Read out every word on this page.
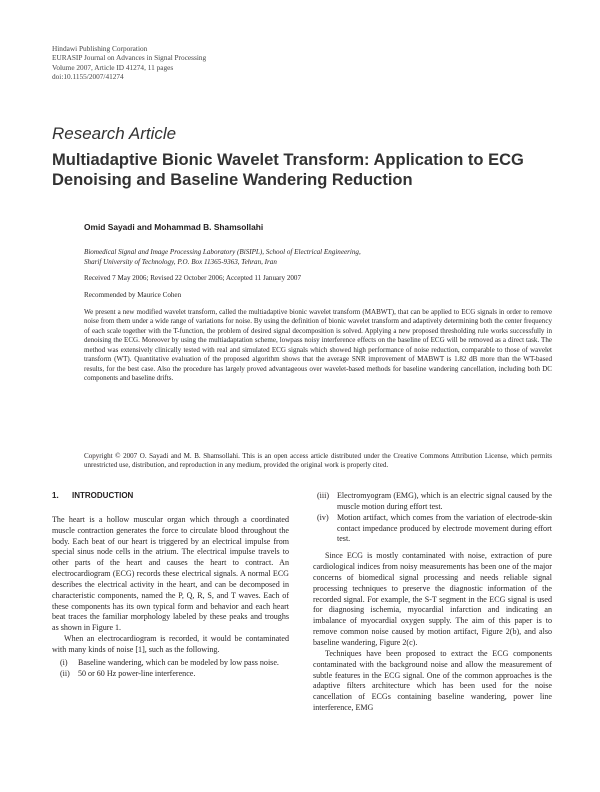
Hindawi Publishing Corporation
EURASIP Journal on Advances in Signal Processing
Volume 2007, Article ID 41274, 11 pages
doi:10.1155/2007/41274
Research Article
Multiadaptive Bionic Wavelet Transform: Application to ECG Denoising and Baseline Wandering Reduction
Omid Sayadi and Mohammad B. Shamsollahi
Biomedical Signal and Image Processing Laboratory (BiSIPL), School of Electrical Engineering,
Sharif University of Technology, P.O. Box 11365-9363, Tehran, Iran
Received 7 May 2006; Revised 22 October 2006; Accepted 11 January 2007
Recommended by Maurice Cohen
We present a new modified wavelet transform, called the multiadaptive bionic wavelet transform (MABWT), that can be applied to ECG signals in order to remove noise from them under a wide range of variations for noise. By using the definition of bionic wavelet transform and adaptively determining both the center frequency of each scale together with the T-function, the problem of desired signal decomposition is solved. Applying a new proposed thresholding rule works successfully in denoising the ECG. Moreover by using the multiadaptation scheme, lowpass noisy interference effects on the baseline of ECG will be removed as a direct task. The method was extensively clinically tested with real and simulated ECG signals which showed high performance of noise reduction, comparable to those of wavelet transform (WT). Quantitative evaluation of the proposed algorithm shows that the average SNR improvement of MABWT is 1.82 dB more than the WT-based results, for the best case. Also the procedure has largely proved advantageous over wavelet-based methods for baseline wandering cancellation, including both DC components and baseline drifts.
Copyright © 2007 O. Sayadi and M. B. Shamsollahi. This is an open access article distributed under the Creative Commons Attribution License, which permits unrestricted use, distribution, and reproduction in any medium, provided the original work is properly cited.
1. INTRODUCTION

The heart is a hollow muscular organ which through a coordinated muscle contraction generates the force to circulate blood throughout the body. Each beat of our heart is triggered by an electrical impulse from special sinus node cells in the atrium. The electrical impulse travels to other parts of the heart and causes the heart to contract. An electrocardiogram (ECG) records these electrical signals. A normal ECG describes the electrical activity in the heart, and can be decomposed in characteristic components, named the P, Q, R, S, and T waves. Each of these components has its own typical form and behavior and each heart beat traces the familiar morphology labeled by these peaks and troughs as shown in Figure 1.

When an electrocardiogram is recorded, it would be contaminated with many kinds of noise [1], such as the following.

(i) Baseline wandering, which can be modeled by low pass noise.
(ii) 50 or 60 Hz power-line interference.
(iii) Electromyogram (EMG), which is an electric signal caused by the muscle motion during effort test.
(iv) Motion artifact, which comes from the variation of electrode-skin contact impedance produced by electrode movement during effort test.

Since ECG is mostly contaminated with noise, extraction of pure cardiological indices from noisy measurements has been one of the major concerns of biomedical signal processing and needs reliable signal processing techniques to preserve the diagnostic information of the recorded signal. For example, the S-T segment in the ECG signal is used for diagnosing ischemia, myocardial infarction and indicating an imbalance of myocardial oxygen supply. The aim of this paper is to remove common noise caused by motion artifact, Figure 2(b), and also baseline wandering, Figure 2(c).

Techniques have been proposed to extract the ECG components contaminated with the background noise and allow the measurement of subtle features in the ECG signal. One of the common approaches is the adaptive filters architecture which has been used for the noise cancellation of ECGs containing baseline wandering, power line interference, EMG
